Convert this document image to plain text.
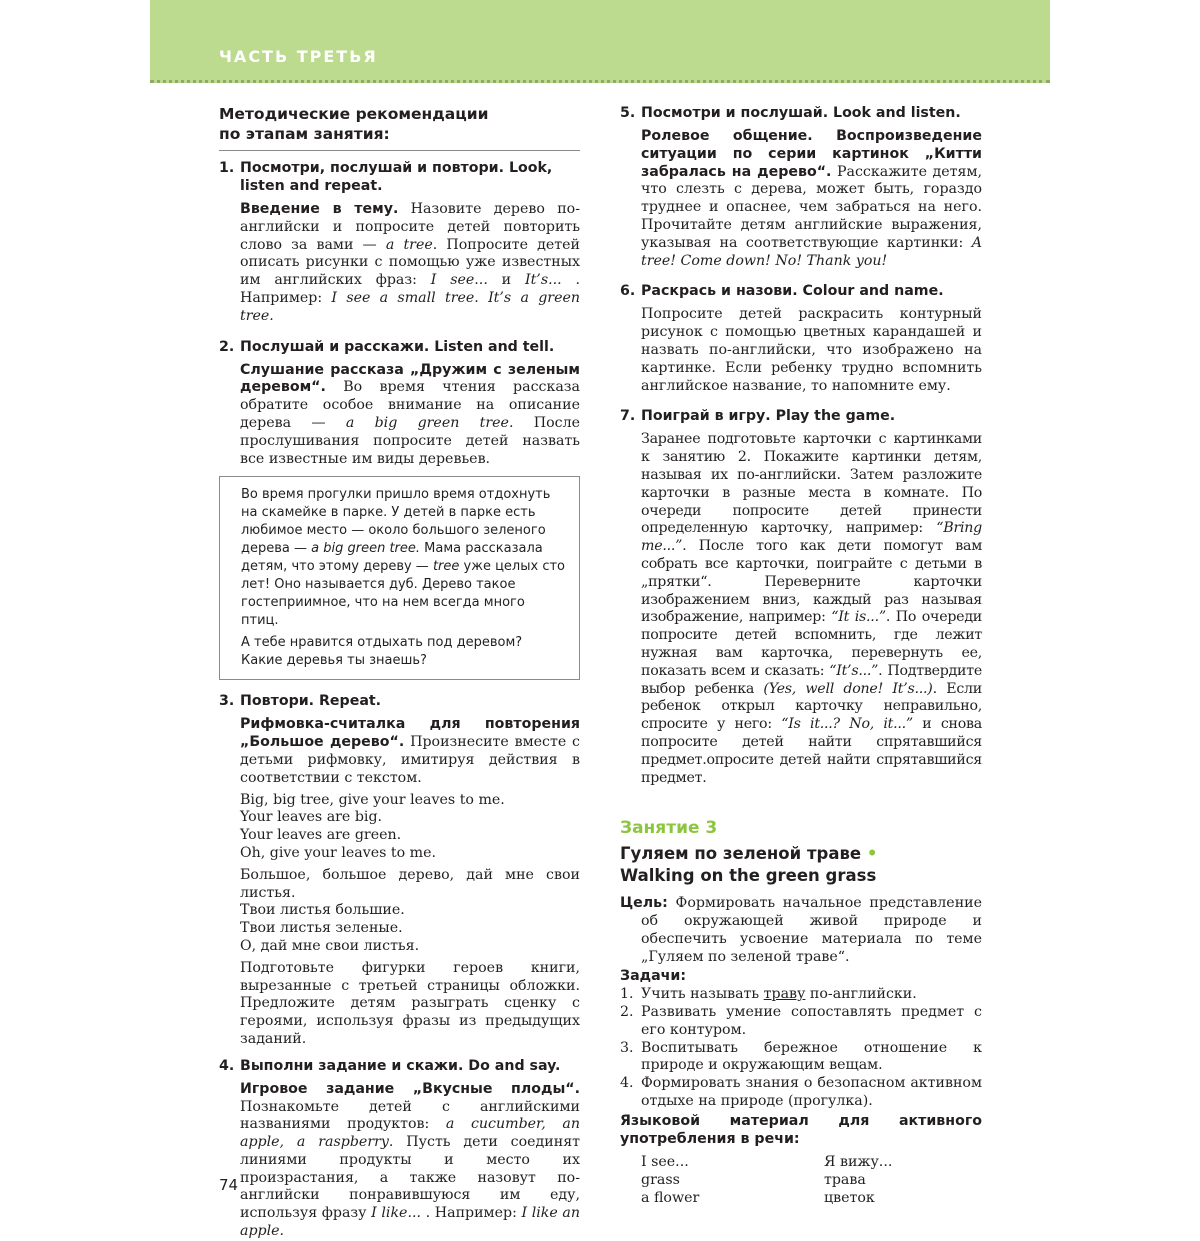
ЧАСТЬ ТРЕТЬЯ
Методические рекомендации
по этапам занятия:
1. Посмотри, послушай и повтори. Look, listen and repeat.

Введение в тему. Назовите дерево по-английски и попросите детей повторить слово за вами — a tree. Попросите детей описать рисунки с помощью уже известных им английских фраз: I see... и It’s... . Например: I see a small tree. It’s a green tree.

2. Послушай и расскажи. Listen and tell.

Слушание рассказа „Дружим с зеленым деревом“. Во время чтения рассказа обратите особое внимание на описание дерева — a big green tree. После прослушивания попросите детей назвать все известные им виды деревьев.

Во время прогулки пришло время отдохнуть на скамейке в парке. У детей в парке есть любимое место — около большого зеленого дерева — a big green tree. Мама рассказала детям, что этому дереву — tree уже целых сто лет! Оно называется дуб. Дерево такое гостеприимное, что на нем всегда много птиц.

А тебе нравится отдыхать под деревом? Какие деревья ты знаешь?

3. Повтори. Repeat.

Рифмовка-считалка для повторения „Большое дерево“. Произнесите вместе с детьми рифмовку, имитируя действия в соответствии с текстом.

Big, big tree, give your leaves to me.
Your leaves are big.
Your leaves are green.
Oh, give your leaves to me.
Большое, большое дерево, дай мне свои листья.
Твои листья большие.
Твои листья зеленые.
О, дай мне свои листья.

Подготовьте фигурки героев книги, вырезанные с третьей страницы обложки. Предложите детям разыграть сценку с героями, используя фразы из предыдущих заданий.

4. Выполни задание и скажи. Do and say.

Игровое задание „Вкусные плоды“. Познакомьте детей с английскими названиями продуктов: a cucumber, an apple, a raspberry. Пусть дети соединят линиями продукты и место их произрастания, а также назовут по-английски понравившуюся им еду, используя фразу I like... . Например: I like an apple.

5. Посмотри и послушай. Look and listen.

Ролевое общение. Воспроизведение ситуации по серии картинок „Китти забралась на дерево“. Расскажите детям, что слезть с дерева, может быть, гораздо труднее и опаснее, чем забраться на него. Прочитайте детям английские выражения, указывая на соответствующие картинки: A tree! Come down! No! Thank you!

6. Раскрась и назови. Colour and name.

Попросите детей раскрасить контурный рисунок с помощью цветных карандашей и назвать по-английски, что изображено на картинке. Если ребенку трудно вспомнить английское название, то напомните ему.

7. Поиграй в игру. Play the game.

Заранее подготовьте карточки с картинками к занятию 2. Покажите картинки детям, называя их по-английски. Затем разложите карточки в разные места в комнате. По очереди попросите детей принести определенную карточку, например: “Bring me...”. После того как дети помогут вам собрать все карточки, поиграйте с детьми в „прятки“. Переверните карточки изображением вниз, каждый раз называя изображение, например: “It is...”. По очереди попросите детей вспомнить, где лежит нужная вам карточка, перевернуть ее, показать всем и сказать: “It’s...”. Подтвердите выбор ребенка (Yes, well done! It’s...). Если ребенок открыл карточку неправильно, спросите у него: “Is it...? No, it...” и снова попросите детей найти спрятавшийся предмет.опросите детей найти спрятавшийся предмет.

Занятие 3
Гуляем по зеленой траве •
Walking on the green grass

Цель: Формировать начальное представление об окружающей живой природе и обеспечить усвоение материала по теме „Гуляем по зеленой траве“.

Задачи:
1. Учить называть траву по-английски.
2. Развивать умение сопоставлять предмет с его контуром.
3. Воспитывать бережное отношение к природе и окружающим вещам.
4. Формировать знания о безопасном активном отдыхе на природе (прогулка).

Языковой материал для активного употребления в речи:

I see...
grass
a flower
Я вижу...
трава
цветок
74
